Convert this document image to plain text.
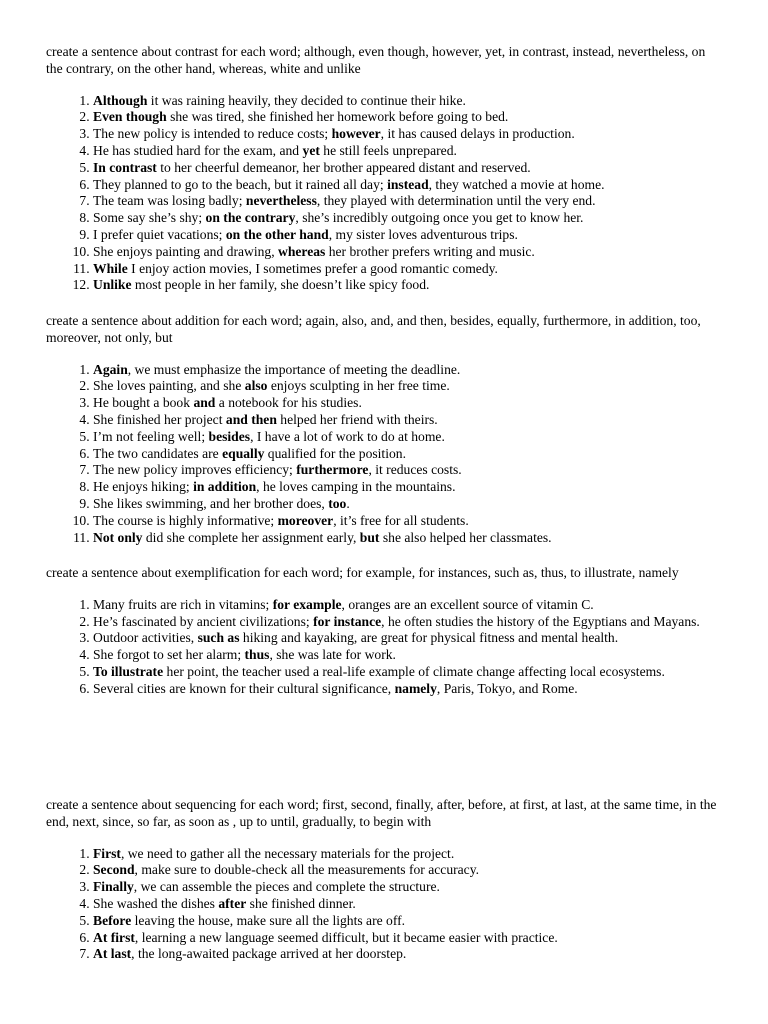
create a sentence about contrast for each word; although, even though, however, yet, in contrast, instead, nevertheless, on the contrary, on the other hand, whereas, white and unlike

1. Although it was raining heavily, they decided to continue their hike.
2. Even though she was tired, she finished her homework before going to bed.
3. The new policy is intended to reduce costs; however, it has caused delays in production.
4. He has studied hard for the exam, and yet he still feels unprepared.
5. In contrast to her cheerful demeanor, her brother appeared distant and reserved.
6. They planned to go to the beach, but it rained all day; instead, they watched a movie at home.
7. The team was losing badly; nevertheless, they played with determination until the very end.
8. Some say she’s shy; on the contrary, she’s incredibly outgoing once you get to know her.
9. I prefer quiet vacations; on the other hand, my sister loves adventurous trips.
10. She enjoys painting and drawing, whereas her brother prefers writing and music.
11. While I enjoy action movies, I sometimes prefer a good romantic comedy.
12. Unlike most people in her family, she doesn’t like spicy food.

create a sentence about addition for each word; again, also, and, and then, besides, equally, furthermore, in addition, too, moreover, not only, but

1. Again, we must emphasize the importance of meeting the deadline.
2. She loves painting, and she also enjoys sculpting in her free time.
3. He bought a book and a notebook for his studies.
4. She finished her project and then helped her friend with theirs.
5. I’m not feeling well; besides, I have a lot of work to do at home.
6. The two candidates are equally qualified for the position.
7. The new policy improves efficiency; furthermore, it reduces costs.
8. He enjoys hiking; in addition, he loves camping in the mountains.
9. She likes swimming, and her brother does, too.
10. The course is highly informative; moreover, it’s free for all students.
11. Not only did she complete her assignment early, but she also helped her classmates.

create a sentence about exemplification for each word; for example, for instances, such as, thus, to illustrate, namely

1. Many fruits are rich in vitamins; for example, oranges are an excellent source of vitamin C.
2. He’s fascinated by ancient civilizations; for instance, he often studies the history of the Egyptians and Mayans.
3. Outdoor activities, such as hiking and kayaking, are great for physical fitness and mental health.
4. She forgot to set her alarm; thus, she was late for work.
5. To illustrate her point, the teacher used a real-life example of climate change affecting local ecosystems.
6. Several cities are known for their cultural significance, namely, Paris, Tokyo, and Rome.

create a sentence about sequencing for each word; first, second, finally, after, before, at first, at last, at the same time, in the end, next, since, so far, as soon as , up to until, gradually, to begin with

1. First, we need to gather all the necessary materials for the project.
2. Second, make sure to double-check all the measurements for accuracy.
3. Finally, we can assemble the pieces and complete the structure.
4. She washed the dishes after she finished dinner.
5. Before leaving the house, make sure all the lights are off.
6. At first, learning a new language seemed difficult, but it became easier with practice.
7. At last, the long-awaited package arrived at her doorstep.
